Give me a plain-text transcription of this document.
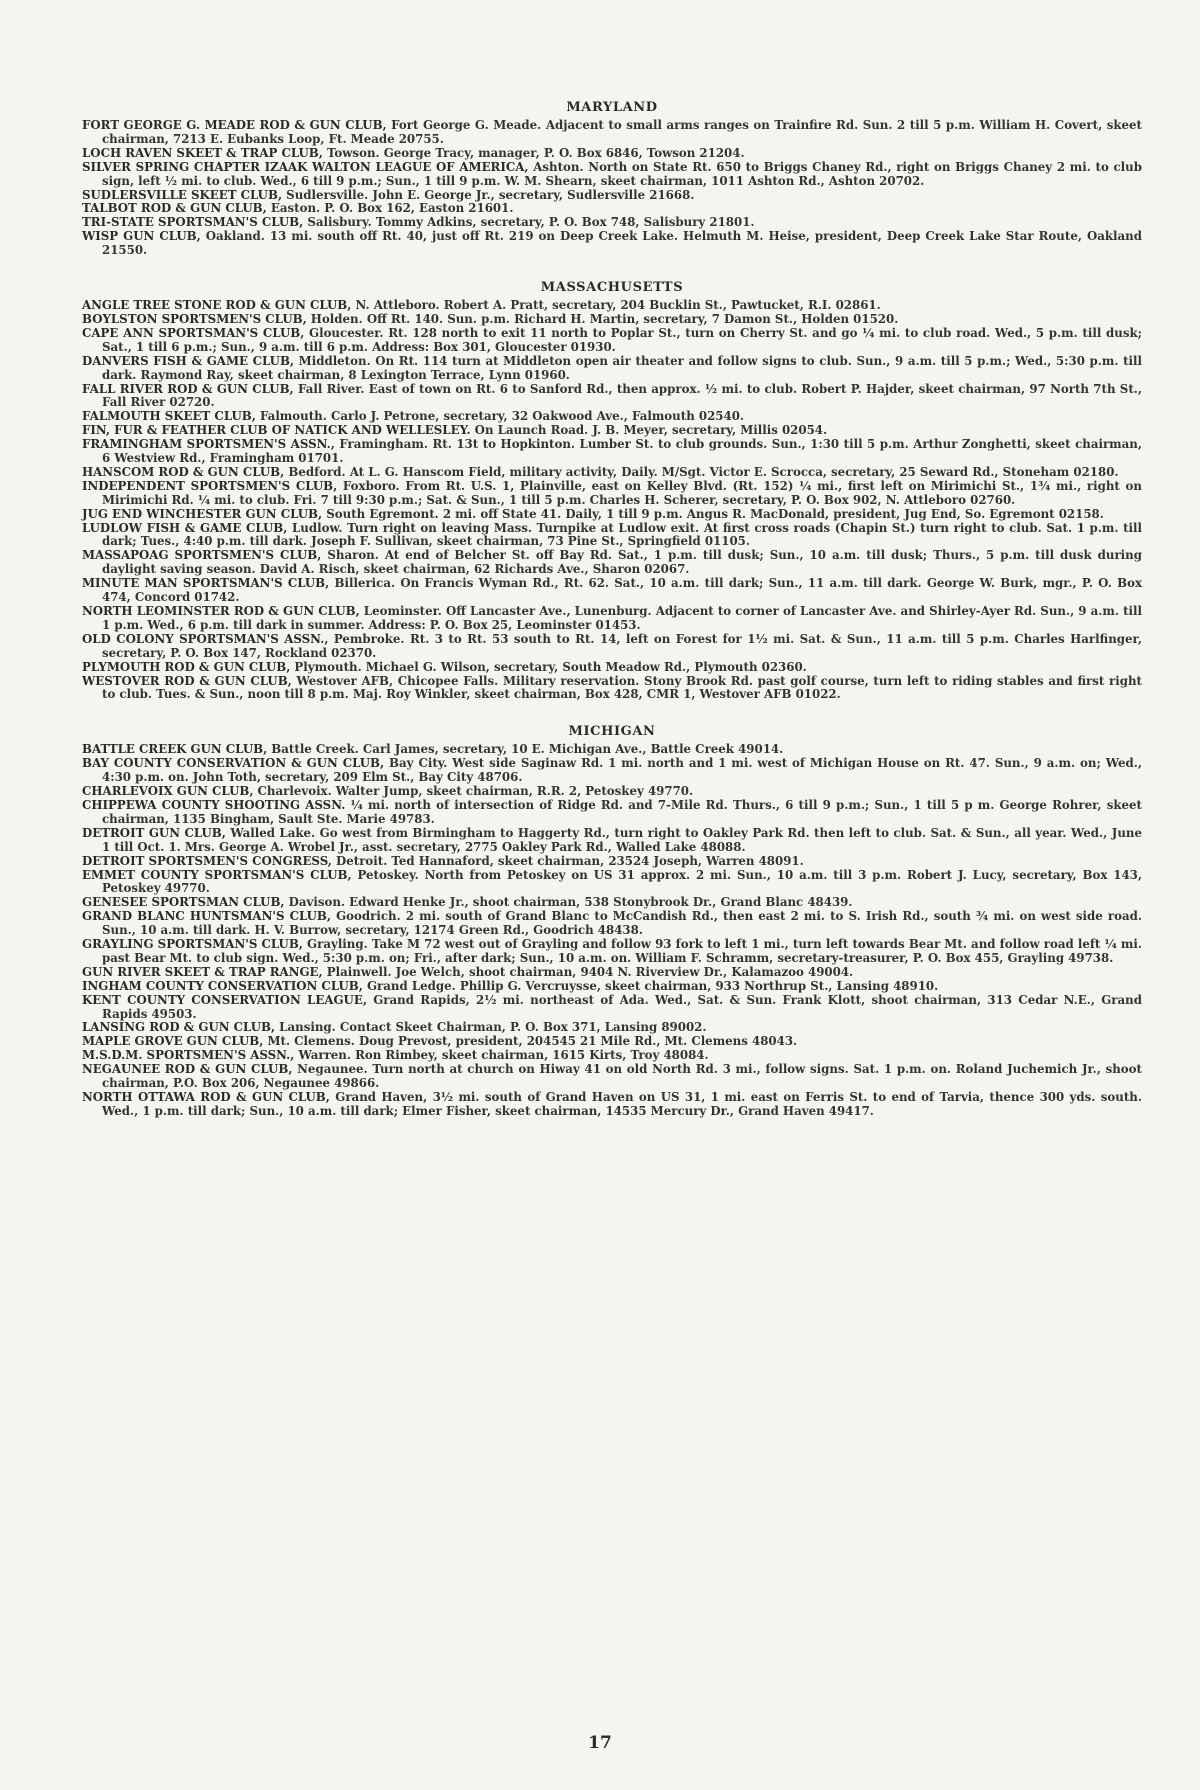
MARYLAND
FORT GEORGE G. MEADE ROD & GUN CLUB, Fort George G. Meade. Adjacent to small arms ranges on Trainfire Rd. Sun. 2 till 5 p.m. William H. Covert, skeet chairman, 7213 E. Eubanks Loop, Ft. Meade 20755.
LOCH RAVEN SKEET & TRAP CLUB, Towson. George Tracy, manager, P. O. Box 6846, Towson 21204.
SILVER SPRING CHAPTER IZAAK WALTON LEAGUE OF AMERICA, Ashton. North on State Rt. 650 to Briggs Chaney Rd., right on Briggs Chaney 2 mi. to club sign, left ½ mi. to club. Wed., 6 till 9 p.m.; Sun., 1 till 9 p.m. W. M. Shearn, skeet chairman, 1011 Ashton Rd., Ashton 20702.
SUDLERSVILLE SKEET CLUB, Sudlersville. John E. George Jr., secretary, Sudlersville 21668.
TALBOT ROD & GUN CLUB, Easton. P. O. Box 162, Easton 21601.
TRI-STATE SPORTSMAN'S CLUB, Salisbury. Tommy Adkins, secretary, P. O. Box 748, Salisbury 21801.
WISP GUN CLUB, Oakland. 13 mi. south off Rt. 40, just off Rt. 219 on Deep Creek Lake. Helmuth M. Heise, president, Deep Creek Lake Star Route, Oakland 21550.
MASSACHUSETTS
ANGLE TREE STONE ROD & GUN CLUB, N. Attleboro. Robert A. Pratt, secretary, 204 Bucklin St., Pawtucket, R.I. 02861.
BOYLSTON SPORTSMEN'S CLUB, Holden. Off Rt. 140. Sun. p.m. Richard H. Martin, secretary, 7 Damon St., Holden 01520.
CAPE ANN SPORTSMAN'S CLUB, Gloucester. Rt. 128 north to exit 11 north to Poplar St., turn on Cherry St. and go ¼ mi. to club road. Wed., 5 p.m. till dusk; Sat., 1 till 6 p.m.; Sun., 9 a.m. till 6 p.m. Address: Box 301, Gloucester 01930.
DANVERS FISH & GAME CLUB, Middleton. On Rt. 114 turn at Middleton open air theater and follow signs to club. Sun., 9 a.m. till 5 p.m.; Wed., 5:30 p.m. till dark. Raymond Ray, skeet chairman, 8 Lexington Terrace, Lynn 01960.
FALL RIVER ROD & GUN CLUB, Fall River. East of town on Rt. 6 to Sanford Rd., then approx. ½ mi. to club. Robert P. Hajder, skeet chairman, 97 North 7th St., Fall River 02720.
FALMOUTH SKEET CLUB, Falmouth. Carlo J. Petrone, secretary, 32 Oakwood Ave., Falmouth 02540.
FIN, FUR & FEATHER CLUB OF NATICK AND WELLESLEY. On Launch Road. J. B. Meyer, secretary, Millis 02054.
FRAMINGHAM SPORTSMEN'S ASSN., Framingham. Rt. 13t to Hopkinton. Lumber St. to club grounds. Sun., 1:30 till 5 p.m. Arthur Zonghetti, skeet chairman, 6 Westview Rd., Framingham 01701.
HANSCOM ROD & GUN CLUB, Bedford. At L. G. Hanscom Field, military activity, Daily. M/Sgt. Victor E. Scrocca, secretary, 25 Seward Rd., Stoneham 02180.
INDEPENDENT SPORTSMEN'S CLUB, Foxboro. From Rt. U.S. 1, Plainville, east on Kelley Blvd. (Rt. 152) ¼ mi., first left on Mirimichi St., 1¾ mi., right on Mirimichi Rd. ¼ mi. to club. Fri. 7 till 9:30 p.m.; Sat. & Sun., 1 till 5 p.m. Charles H. Scherer, secretary, P. O. Box 902, N. Attleboro 02760.
JUG END WINCHESTER GUN CLUB, South Egremont. 2 mi. off State 41. Daily, 1 till 9 p.m. Angus R. MacDonald, president, Jug End, So. Egremont 02158.
LUDLOW FISH & GAME CLUB, Ludlow. Turn right on leaving Mass. Turnpike at Ludlow exit. At first cross roads (Chapin St.) turn right to club. Sat. 1 p.m. till dark; Tues., 4:40 p.m. till dark. Joseph F. Sullivan, skeet chairman, 73 Pine St., Springfield 01105.
MASSAPOAG SPORTSMEN'S CLUB, Sharon. At end of Belcher St. off Bay Rd. Sat., 1 p.m. till dusk; Sun., 10 a.m. till dusk; Thurs., 5 p.m. till dusk during daylight saving season. David A. Risch, skeet chairman, 62 Richards Ave., Sharon 02067.
MINUTE MAN SPORTSMAN'S CLUB, Billerica. On Francis Wyman Rd., Rt. 62. Sat., 10 a.m. till dark; Sun., 11 a.m. till dark. George W. Burk, mgr., P. O. Box 474, Concord 01742.
NORTH LEOMINSTER ROD & GUN CLUB, Leominster. Off Lancaster Ave., Lunenburg. Adjacent to corner of Lancaster Ave. and Shirley-Ayer Rd. Sun., 9 a.m. till 1 p.m. Wed., 6 p.m. till dark in summer. Address: P. O. Box 25, Leominster 01453.
OLD COLONY SPORTSMAN'S ASSN., Pembroke. Rt. 3 to Rt. 53 south to Rt. 14, left on Forest for 1½ mi. Sat. & Sun., 11 a.m. till 5 p.m. Charles Harlfinger, secretary, P. O. Box 147, Rockland 02370.
PLYMOUTH ROD & GUN CLUB, Plymouth. Michael G. Wilson, secretary, South Meadow Rd., Plymouth 02360.
WESTOVER ROD & GUN CLUB, Westover AFB, Chicopee Falls. Military reservation. Stony Brook Rd. past golf course, turn left to riding stables and first right to club. Tues. & Sun., noon till 8 p.m. Maj. Roy Winkler, skeet chairman, Box 428, CMR 1, Westover AFB 01022.
MICHIGAN
BATTLE CREEK GUN CLUB, Battle Creek. Carl James, secretary, 10 E. Michigan Ave., Battle Creek 49014.
BAY COUNTY CONSERVATION & GUN CLUB, Bay City. West side Saginaw Rd. 1 mi. north and 1 mi. west of Michigan House on Rt. 47. Sun., 9 a.m. on; Wed., 4:30 p.m. on. John Toth, secretary, 209 Elm St., Bay City 48706.
CHARLEVOIX GUN CLUB, Charlevoix. Walter Jump, skeet chairman, R.R. 2, Petoskey 49770.
CHIPPEWA COUNTY SHOOTING ASSN. ¼ mi. north of intersection of Ridge Rd. and 7-Mile Rd. Thurs., 6 till 9 p.m.; Sun., 1 till 5 p m. George Rohrer, skeet chairman, 1135 Bingham, Sault Ste. Marie 49783.
DETROIT GUN CLUB, Walled Lake. Go west from Birmingham to Haggerty Rd., turn right to Oakley Park Rd. then left to club. Sat. & Sun., all year. Wed., June 1 till Oct. 1. Mrs. George A. Wrobel Jr., asst. secretary, 2775 Oakley Park Rd., Walled Lake 48088.
DETROIT SPORTSMEN'S CONGRESS, Detroit. Ted Hannaford, skeet chairman, 23524 Joseph, Warren 48091.
EMMET COUNTY SPORTSMAN'S CLUB, Petoskey. North from Petoskey on US 31 approx. 2 mi. Sun., 10 a.m. till 3 p.m. Robert J. Lucy, secretary, Box 143, Petoskey 49770.
GENESEE SPORTSMAN CLUB, Davison. Edward Henke Jr., shoot chairman, 538 Stonybrook Dr., Grand Blanc 48439.
GRAND BLANC HUNTSMAN'S CLUB, Goodrich. 2 mi. south of Grand Blanc to McCandish Rd., then east 2 mi. to S. Irish Rd., south ¾ mi. on west side road. Sun., 10 a.m. till dark. H. V. Burrow, secretary, 12174 Green Rd., Goodrich 48438.
GRAYLING SPORTSMAN'S CLUB, Grayling. Take M 72 west out of Grayling and follow 93 fork to left 1 mi., turn left towards Bear Mt. and follow road left ¼ mi. past Bear Mt. to club sign. Wed., 5:30 p.m. on; Fri., after dark; Sun., 10 a.m. on. William F. Schramm, secretary-treasurer, P. O. Box 455, Grayling 49738.
GUN RIVER SKEET & TRAP RANGE, Plainwell. Joe Welch, shoot chairman, 9404 N. Riverview Dr., Kalamazoo 49004.
INGHAM COUNTY CONSERVATION CLUB, Grand Ledge. Phillip G. Vercruysse, skeet chairman, 933 Northrup St., Lansing 48910.
KENT COUNTY CONSERVATION LEAGUE, Grand Rapids, 2½ mi. northeast of Ada. Wed., Sat. & Sun. Frank Klott, shoot chairman, 313 Cedar N.E., Grand Rapids 49503.
LANSING ROD & GUN CLUB, Lansing. Contact Skeet Chairman, P. O. Box 371, Lansing 89002.
MAPLE GROVE GUN CLUB, Mt. Clemens. Doug Prevost, president, 204545 21 Mile Rd., Mt. Clemens 48043.
M.S.D.M. SPORTSMEN'S ASSN., Warren. Ron Rimbey, skeet chairman, 1615 Kirts, Troy 48084.
NEGAUNEE ROD & GUN CLUB, Negaunee. Turn north at church on Hiway 41 on old North Rd. 3 mi., follow signs. Sat. 1 p.m. on. Roland Juchemich Jr., shoot chairman, P.O. Box 206, Negaunee 49866.
NORTH OTTAWA ROD & GUN CLUB, Grand Haven, 3½ mi. south of Grand Haven on US 31, 1 mi. east on Ferris St. to end of Tarvia, thence 300 yds. south. Wed., 1 p.m. till dark; Sun., 10 a.m. till dark; Elmer Fisher, skeet chairman, 14535 Mercury Dr., Grand Haven 49417.
17
